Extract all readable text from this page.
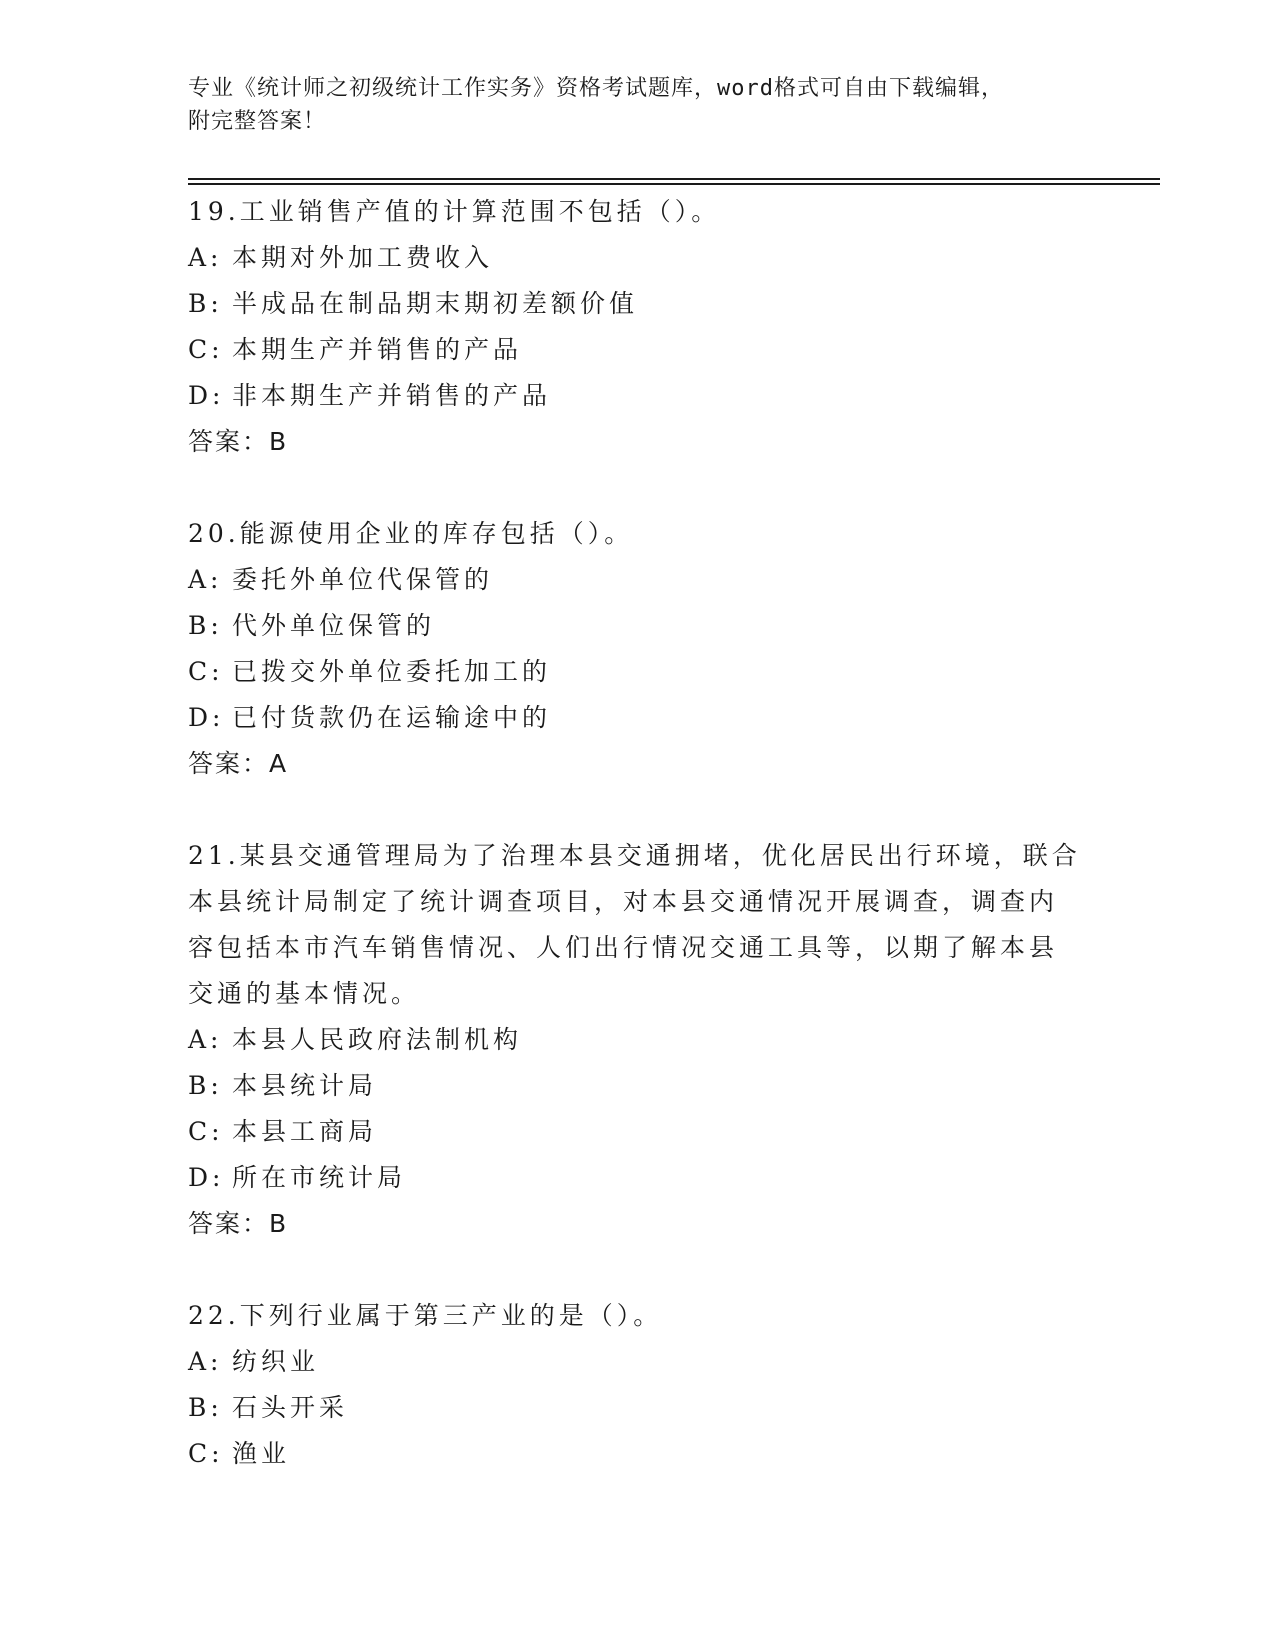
专业《统计师之初级统计工作实务》资格考试题库，word格式可自由下载编辑，
附完整答案！
19.工业销售产值的计算范围不包括（）。
A: 本期对外加工费收入
B: 半成品在制品期末期初差额价值
C: 本期生产并销售的产品
D: 非本期生产并销售的产品
答案：B
20.能源使用企业的库存包括（）。
A: 委托外单位代保管的
B: 代外单位保管的
C: 已拨交外单位委托加工的
D: 已付货款仍在运输途中的
答案：A
21.某县交通管理局为了治理本县交通拥堵，优化居民出行环境，联合
本县统计局制定了统计调查项目，对本县交通情况开展调查，调查内
容包括本市汽车销售情况、人们出行情况交通工具等，以期了解本县
交通的基本情况。
A: 本县人民政府法制机构
B: 本县统计局
C: 本县工商局
D: 所在市统计局
答案：B
22.下列行业属于第三产业的是（）。
A: 纺织业
B: 石头开采
C: 渔业
